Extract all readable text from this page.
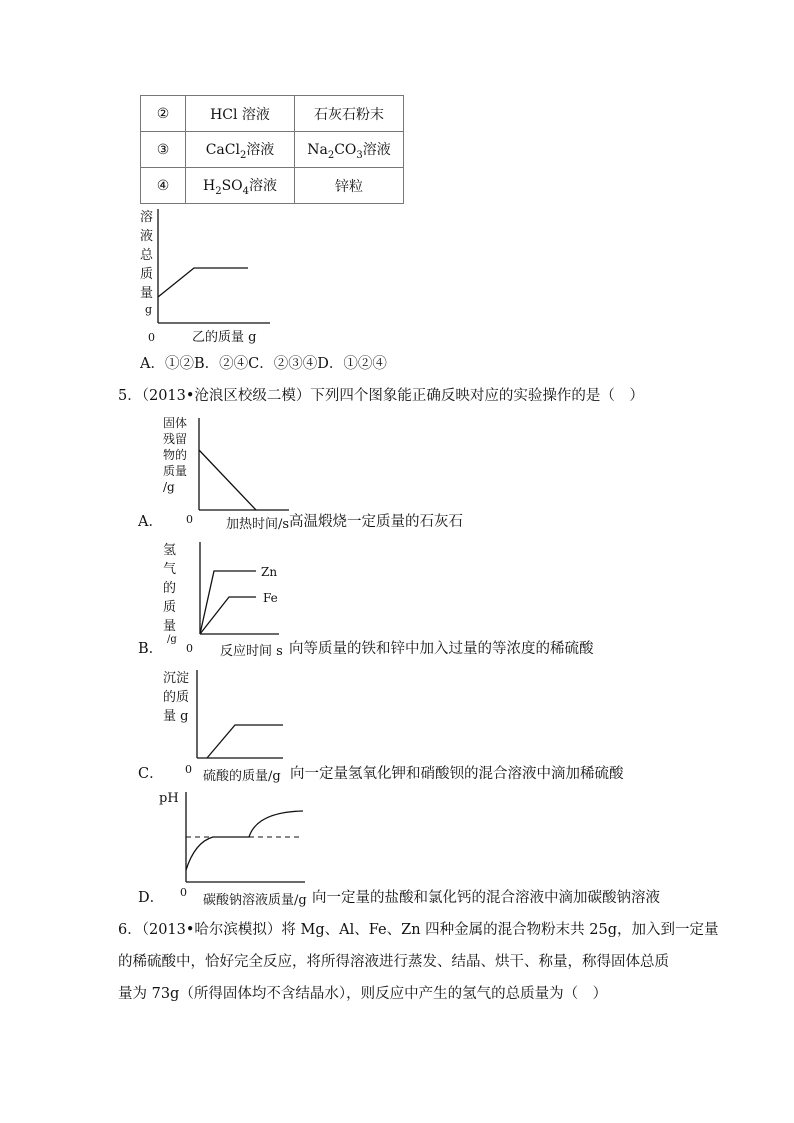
②	HCl 溶液	石灰石粉末
③	CaCl$_2$溶液	$Na_2CO_3$溶液
④	$H_2SO_4$溶液	锌粒
溶
液
总
质
量
g
0	乙的质量 g
A．①②B．②④C．②③④D．①②④
5．（2013•沧浪区校级二模）下列四个图象能正确反映对应的实验操作的是（　）
A．
固体
残留
物的
质量
/g
0	加热时间/s 高温煅烧一定质量的石灰石
B．
氢
气
的
质
量
/g
0
Zn
Fe
反应时间 s 向等质量的铁和锌中加入过量的等浓度的稀硫酸
C．
沉淀
的质
量 g
0 硫酸的质量/g 向一定量氢氧化钾和硝酸钡的混合溶液中滴加稀硫酸
D．
pH
0
碳酸钠溶液质量/g 向一定量的盐酸和氯化钙的混合溶液中滴加碳酸钠溶液
6．（2013•哈尔滨模拟）将 Mg、Al、Fe、Zn 四种金属的混合物粉末共 25g，加入到一定量
的稀硫酸中，恰好完全反应，将所得溶液进行蒸发、结晶、烘干、称量，称得固体总质
量为 73g（所得固体均不含结晶水），则反应中产生的氢气的总质量为（　）
